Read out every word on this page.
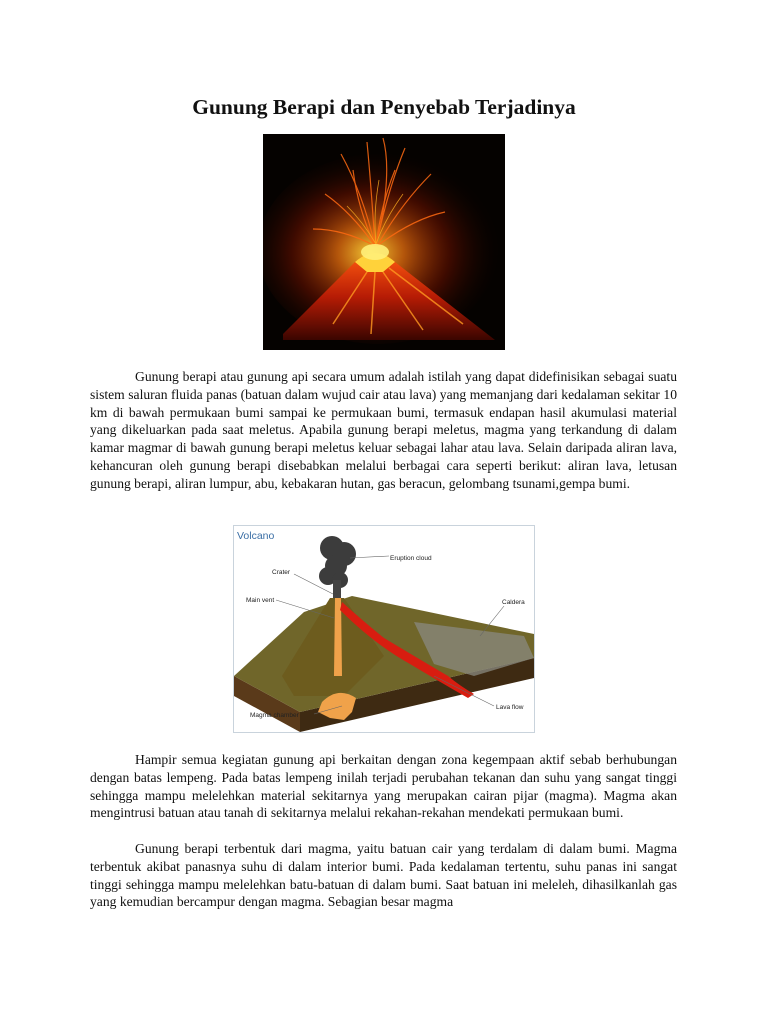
Gunung Berapi dan Penyebab Terjadinya

Gunung berapi atau gunung api secara umum adalah istilah yang dapat didefinisikan sebagai suatu sistem saluran fluida panas (batuan dalam wujud cair atau lava) yang memanjang dari kedalaman sekitar 10 km di bawah permukaan bumi sampai ke permukaan bumi, termasuk endapan hasil akumulasi material yang dikeluarkan pada saat meletus. Apabila gunung berapi meletus, magma yang terkandung di dalam kamar magmar di bawah gunung berapi meletus keluar sebagai lahar atau lava. Selain daripada aliran lava, kehancuran oleh gunung berapi disebabkan melalui berbagai cara seperti berikut: aliran lava, letusan gunung berapi, aliran lumpur, abu, kebakaran hutan, gas beracun, gelombang tsunami,gempa bumi.

Volcano
Eruption cloud
Crater
Main vent	Caldera
Lava flow
Magma chamber

Hampir semua kegiatan gunung api berkaitan dengan zona kegempaan aktif sebab berhubungan dengan batas lempeng. Pada batas lempeng inilah terjadi perubahan tekanan dan suhu yang sangat tinggi sehingga mampu melelehkan material sekitarnya yang merupakan cairan pijar (magma). Magma akan mengintrusi batuan atau tanah di sekitarnya melalui rekahan-rekahan mendekati permukaan bumi.

Gunung berapi terbentuk dari magma, yaitu batuan cair yang terdalam di dalam bumi. Magma terbentuk akibat panasnya suhu di dalam interior bumi. Pada kedalaman tertentu, suhu panas ini sangat tinggi sehingga mampu melelehkan batu-batuan di dalam bumi. Saat batuan ini meleleh, dihasilkanlah gas yang kemudian bercampur dengan magma. Sebagian besar magma
